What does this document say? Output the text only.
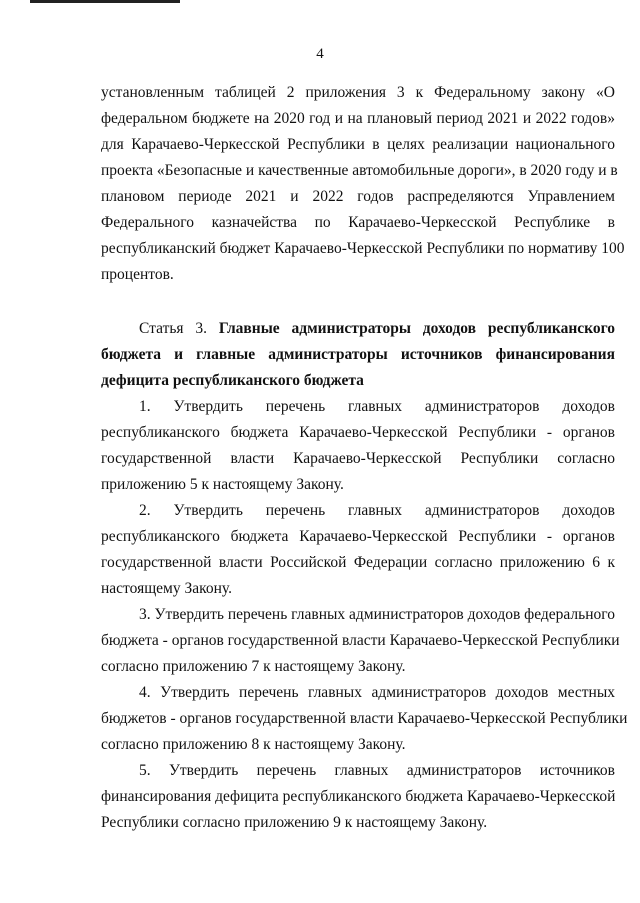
4
установленным таблицей 2 приложения 3 к Федеральному закону «О
федеральном бюджете на 2020 год и на плановый период 2021 и 2022 годов»
для Карачаево-Черкесской Республики в целях реализации национального
проекта «Безопасные и качественные автомобильные дороги», в 2020 году и в
плановом периоде 2021 и 2022 годов распределяются Управлением
Федерального казначейства по Карачаево-Черкесской Республике в
республиканский бюджет Карачаево-Черкесской Республики по нормативу 100
процентов.
Статья 3. Главные администраторы доходов республиканского
бюджета и главные администраторы источников финансирования
дефицита республиканского бюджета
1. Утвердить перечень главных администраторов доходов
республиканского бюджета Карачаево-Черкесской Республики - органов
государственной власти Карачаево-Черкесской Республики согласно
приложению 5 к настоящему Закону.
2. Утвердить перечень главных администраторов доходов
республиканского бюджета Карачаево-Черкесской Республики - органов
государственной власти Российской Федерации согласно приложению 6 к
настоящему Закону.
3. Утвердить перечень главных администраторов доходов федерального
бюджета - органов государственной власти Карачаево-Черкесской Республики
согласно приложению 7 к настоящему Закону.
4. Утвердить перечень главных администраторов доходов местных
бюджетов - органов государственной власти Карачаево-Черкесской Республики
согласно приложению 8 к настоящему Закону.
5. Утвердить перечень главных администраторов источников
финансирования дефицита республиканского бюджета Карачаево-Черкесской
Республики согласно приложению 9 к настоящему Закону.
